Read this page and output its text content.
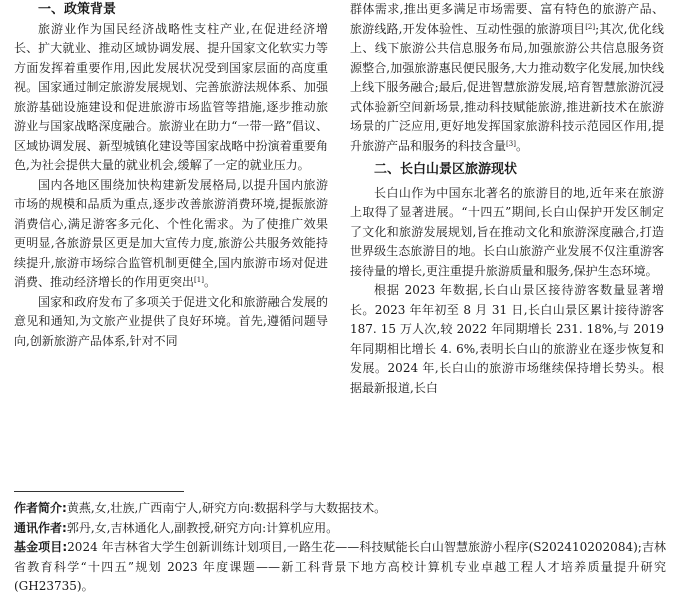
一、政策背景

旅游业作为国民经济战略性支柱产业,在促进经济增长、扩大就业、推动区域协调发展、提升国家文化软实力等方面发挥着重要作用,因此发展状况受到国家层面的高度重视。国家通过制定旅游发展规划、完善旅游法规体系、加强旅游基础设施建设和促进旅游市场监管等措施,逐步推动旅游业与国家战略深度融合。旅游业在助力“一带一路”倡议、区域协调发展、新型城镇化建设等国家战略中扮演着重要角色,为社会提供大量的就业机会,缓解了一定的就业压力。

国内各地区围绕加快构建新发展格局,以提升国内旅游市场的规模和品质为重点,逐步改善旅游消费环境,提振旅游消费信心,满足游客多元化、个性化需求。为了使推广效果更明显,各旅游景区更是加大宣传力度,旅游公共服务效能持续提升,旅游市场综合监管机制更健全,国内旅游市场对促进消费、推动经济增长的作用更突出[1]。

国家和政府发布了多项关于促进文化和旅游融合发展的意见和通知,为文旅产业提供了良好环境。首先,遵循问题导向,创新旅游产品体系,针对不同

群体需求,推出更多满足市场需要、富有特色的旅游产品、旅游线路,开发体验性、互动性强的旅游项目[2];其次,优化线上、线下旅游公共信息服务布局,加强旅游公共信息服务资源整合,加强旅游惠民便民服务,大力推动数字化发展,加快线上线下服务融合;最后,促进智慧旅游发展,培育智慧旅游沉浸式体验新空间新场景,推动科技赋能旅游,推进新技术在旅游场景的广泛应用,更好地发挥国家旅游科技示范园区作用,提升旅游产品和服务的科技含量[3]。

二、长白山景区旅游现状

长白山作为中国东北著名的旅游目的地,近年来在旅游上取得了显著进展。“十四五”期间,长白山保护开发区制定了文化和旅游发展规划,旨在推动文化和旅游深度融合,打造世界级生态旅游目的地。长白山旅游产业发展不仅注重游客接待量的增长,更注重提升旅游质量和服务,保护生态环境。

根据 2023 年数据,长白山景区接待游客数量显著增长。2023 年年初至 8 月 31 日,长白山景区累计接待游客 187. 15 万人次,较 2022 年同期增长 231. 18%,与 2019 年同期相比增长 4. 6%,表明长白山的旅游业在逐步恢复和发展。2024 年,长白山的旅游市场继续保持增长势头。根据最新报道,长白

作者简介:黄燕,女,壮族,广西南宁人,研究方向:数据科学与大数据技术。

通讯作者:郭丹,女,吉林通化人,副教授,研究方向:计算机应用。

基金项目:2024 年吉林省大学生创新训练计划项目,一路生花——科技赋能长白山智慧旅游小程序(S202410202084);吉林省教育科学“十四五”规划 2023 年度课题——新工科背景下地方高校计算机专业卓越工程人才培养质量提升研究(GH23735)。
